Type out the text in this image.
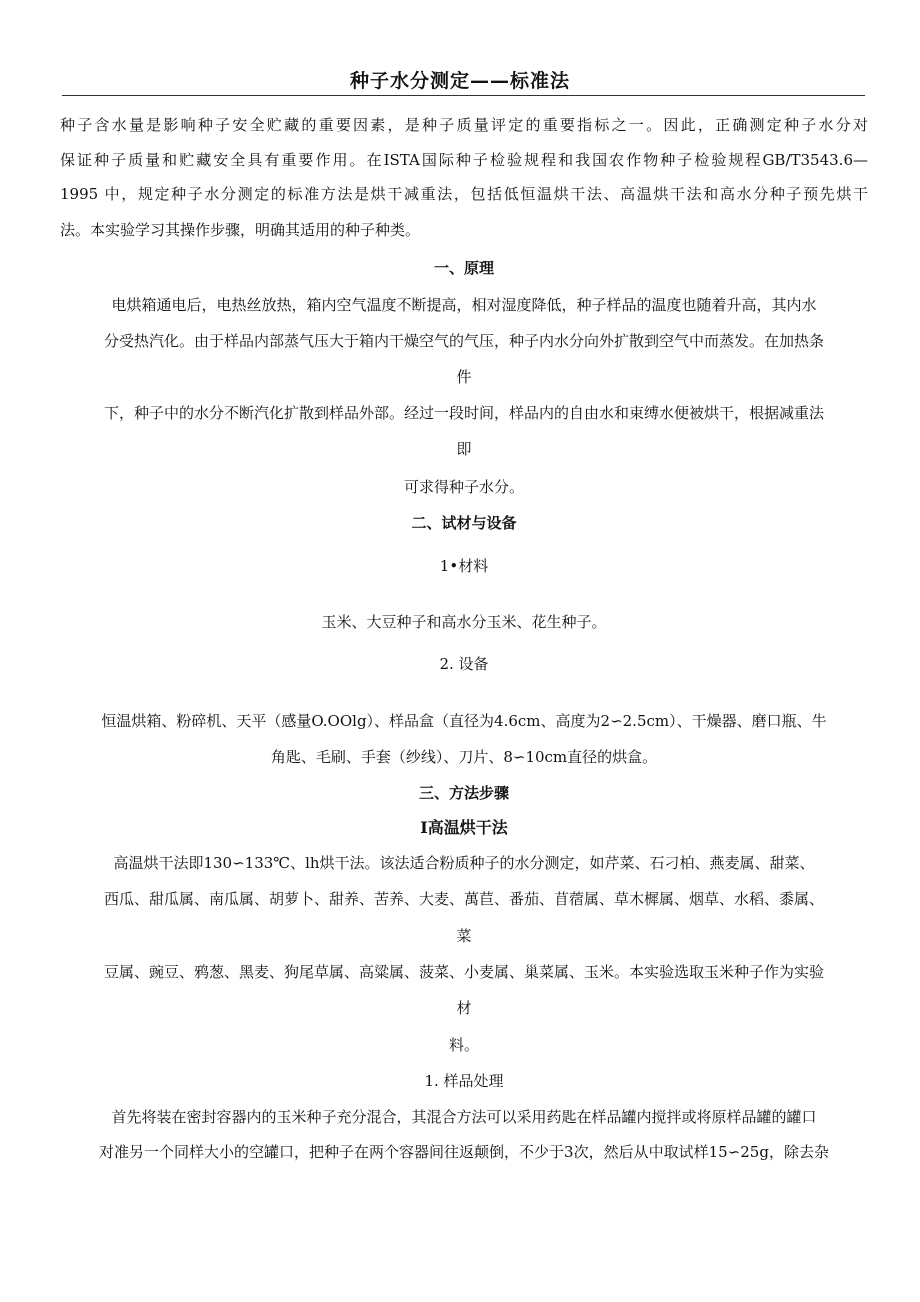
种子水分测定——标准法
种子含水量是影响种子安全贮藏的重要因素，是种子质量评定的重要指标之一。因此，正确测定种子水分对
保证种子质量和贮藏安全具有重要作用。在ISTA国际种子检验规程和我国农作物种子检验规程GB/T3543.6—
1995 中，规定种子水分测定的标准方法是烘干减重法，包括低恒温烘干法、高温烘干法和高水分种子预先烘干
法。本实验学习其操作步骤，明确其适用的种子种类。
一、原理
电烘箱通电后，电热丝放热，箱内空气温度不断提高，相对湿度降低，种子样品的温度也随着升高，其内水
分受热汽化。由于样品内部蒸气压大于箱内干燥空气的气压，种子内水分向外扩散到空气中而蒸发。在加热条
件
下，种子中的水分不断汽化扩散到样品外部。经过一段时间，样品内的自由水和束缚水便被烘干，根据减重法
即
可求得种子水分。
二、试材与设备
1•材料
玉米、大豆种子和高水分玉米、花生种子。
2. 设备
恒温烘箱、粉碎机、天平（感量O.OOlg）、样品盒（直径为4.6cm、高度为2∽2.5cm）、干燥器、磨口瓶、牛
角匙、毛刷、手套（纱线）、刀片、8∽10cm直径的烘盒。
三、方法步骤
I高温烘干法
高温烘干法即130∽133℃、lh烘干法。该法适合粉质种子的水分测定，如芹菜、石刁柏、燕麦属、甜菜、
西瓜、甜瓜属、南瓜属、胡萝卜、甜养、苦养、大麦、萬苣、番茄、苜蓿属、草木樨属、烟草、水稻、黍属、
菜
豆属、豌豆、鸦葱、黑麦、狗尾草属、高粱属、菠菜、小麦属、巢菜属、玉米。本实验选取玉米种子作为实验
材
料。
1. 样品处理
首先将装在密封容器内的玉米种子充分混合，其混合方法可以采用药匙在样品罐内搅拌或将原样品罐的罐口
对准另一个同样大小的空罐口，把种子在两个容器间往返颠倒，不少于3次，然后从中取试样15∽25g，除去杂
